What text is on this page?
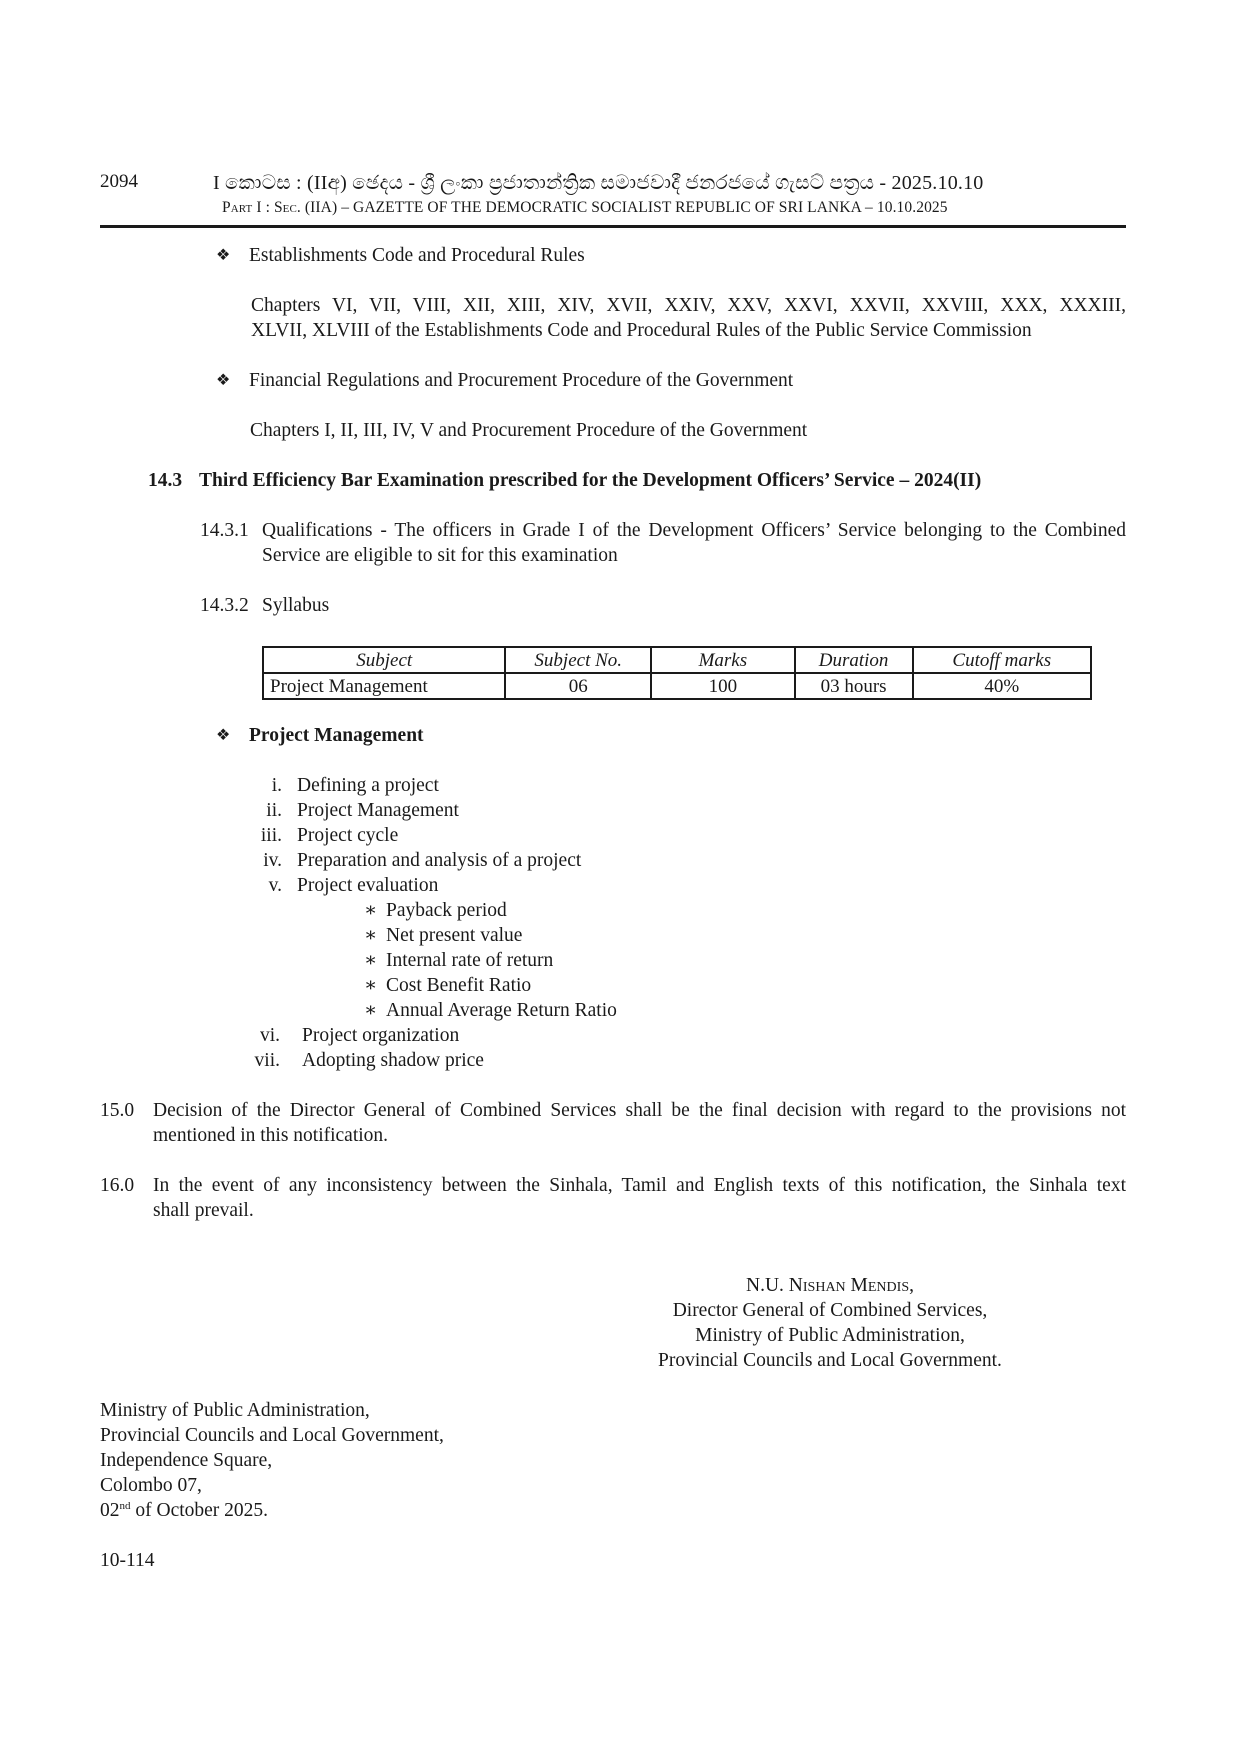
2094	I කොටස : (IIඅ) ඡෙදය - ශ්‍රී ලංකා ප්‍රජාතාන්ත්‍රික සමාජවාදී ජනරජයේ ගැසට් පත්‍රය - 2025.10.10
Part I : Sec. (IIA) – GAZETTE OF THE DEMOCRATIC SOCIALIST REPUBLIC OF SRI LANKA – 10.10.2025
❖ Establishments Code and Procedural Rules
Chapters VI, VII, VIII, XII, XIII, XIV, XVII, XXIV, XXV, XXVI, XXVII, XXVIII, XXX, XXXIII,
XLVII, XLVIII of the Establishments Code and Procedural Rules of the Public Service Commission
❖ Financial Regulations and Procurement Procedure of the Government
Chapters I, II, III, IV, V and Procurement Procedure of the Government
14.3 Third Efficiency Bar Examination prescribed for the Development Officers’ Service – 2024(II)
14.3.1 Qualifications - The officers in Grade I of the Development Officers’ Service belonging to the Combined
Service are eligible to sit for this examination
14.3.2 Syllabus
Subject	Subject No.	Marks	Duration	Cutoff marks
Project Management	06	100	03 hours	40%
❖ Project Management
i. Defining a project
ii. Project Management
iii. Project cycle
iv. Preparation and analysis of a project
v. Project evaluation
∗ Payback period
∗ Net present value
∗ Internal rate of return
∗ Cost Benefit Ratio
∗ Annual Average Return Ratio
vi. Project organization
vii. Adopting shadow price
15.0 Decision of the Director General of Combined Services shall be the final decision with regard to the provisions not
mentioned in this notification.
16.0 In the event of any inconsistency between the Sinhala, Tamil and English texts of this notification, the Sinhala text
shall prevail.
N.U. Nishan Mendis,
Director General of Combined Services,
Ministry of Public Administration,
Provincial Councils and Local Government.
Ministry of Public Administration,
Provincial Councils and Local Government,
Independence Square,
Colombo 07,
02nd of October 2025.
10-114
